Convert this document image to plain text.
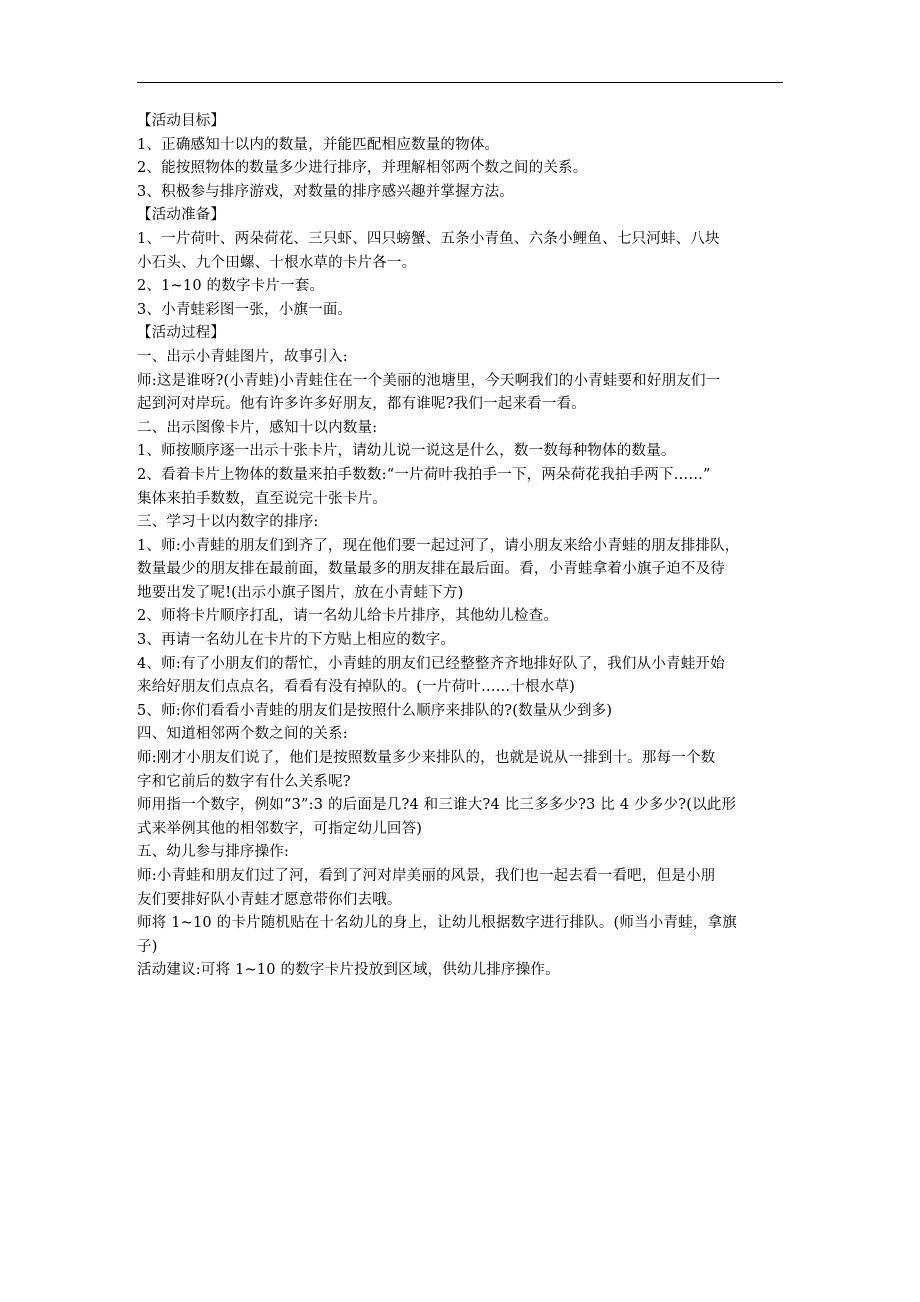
【活动目标】
1、正确感知十以内的数量，并能匹配相应数量的物体。
2、能按照物体的数量多少进行排序，并理解相邻两个数之间的关系。
3、积极参与排序游戏，对数量的排序感兴趣并掌握方法。
【活动准备】
1、一片荷叶、两朵荷花、三只虾、四只螃蟹、五条小青鱼、六条小鲤鱼、七只河蚌、八块
小石头、九个田螺、十根水草的卡片各一。
2、1~10 的数字卡片一套。
3、小青蛙彩图一张，小旗一面。
【活动过程】
一、出示小青蛙图片，故事引入:
师:这是谁呀?(小青蛙)小青蛙住在一个美丽的池塘里，今天啊我们的小青蛙要和好朋友们一
起到河对岸玩。他有许多许多好朋友，都有谁呢?我们一起来看一看。
二、出示图像卡片，感知十以内数量:
1、师按顺序逐一出示十张卡片，请幼儿说一说这是什么，数一数每种物体的数量。
2、看着卡片上物体的数量来拍手数数:“一片荷叶我拍手一下，两朵荷花我拍手两下……”
集体来拍手数数，直至说完十张卡片。
三、学习十以内数字的排序:
1、师:小青蛙的朋友们到齐了，现在他们要一起过河了，请小朋友来给小青蛙的朋友排排队，
数量最少的朋友排在最前面，数量最多的朋友排在最后面。看，小青蛙拿着小旗子迫不及待
地要出发了呢!(出示小旗子图片，放在小青蛙下方)
2、师将卡片顺序打乱，请一名幼儿给卡片排序，其他幼儿检查。
3、再请一名幼儿在卡片的下方贴上相应的数字。
4、师:有了小朋友们的帮忙，小青蛙的朋友们已经整整齐齐地排好队了，我们从小青蛙开始
来给好朋友们点点名，看看有没有掉队的。(一片荷叶……十根水草)
5、师:你们看看小青蛙的朋友们是按照什么顺序来排队的?(数量从少到多)
四、知道相邻两个数之间的关系:
师:刚才小朋友们说了，他们是按照数量多少来排队的，也就是说从一排到十。那每一个数
字和它前后的数字有什么关系呢?
师用指一个数字，例如“3”:3 的后面是几?4 和三谁大?4 比三多多少?3 比 4 少多少?(以此形
式来举例其他的相邻数字，可指定幼儿回答)
五、幼儿参与排序操作:
师:小青蛙和朋友们过了河，看到了河对岸美丽的风景，我们也一起去看一看吧，但是小朋
友们要排好队小青蛙才愿意带你们去哦。
师将 1~10 的卡片随机贴在十名幼儿的身上，让幼儿根据数字进行排队。(师当小青蛙，拿旗
子)
活动建议:可将 1~10 的数字卡片投放到区域，供幼儿排序操作。
